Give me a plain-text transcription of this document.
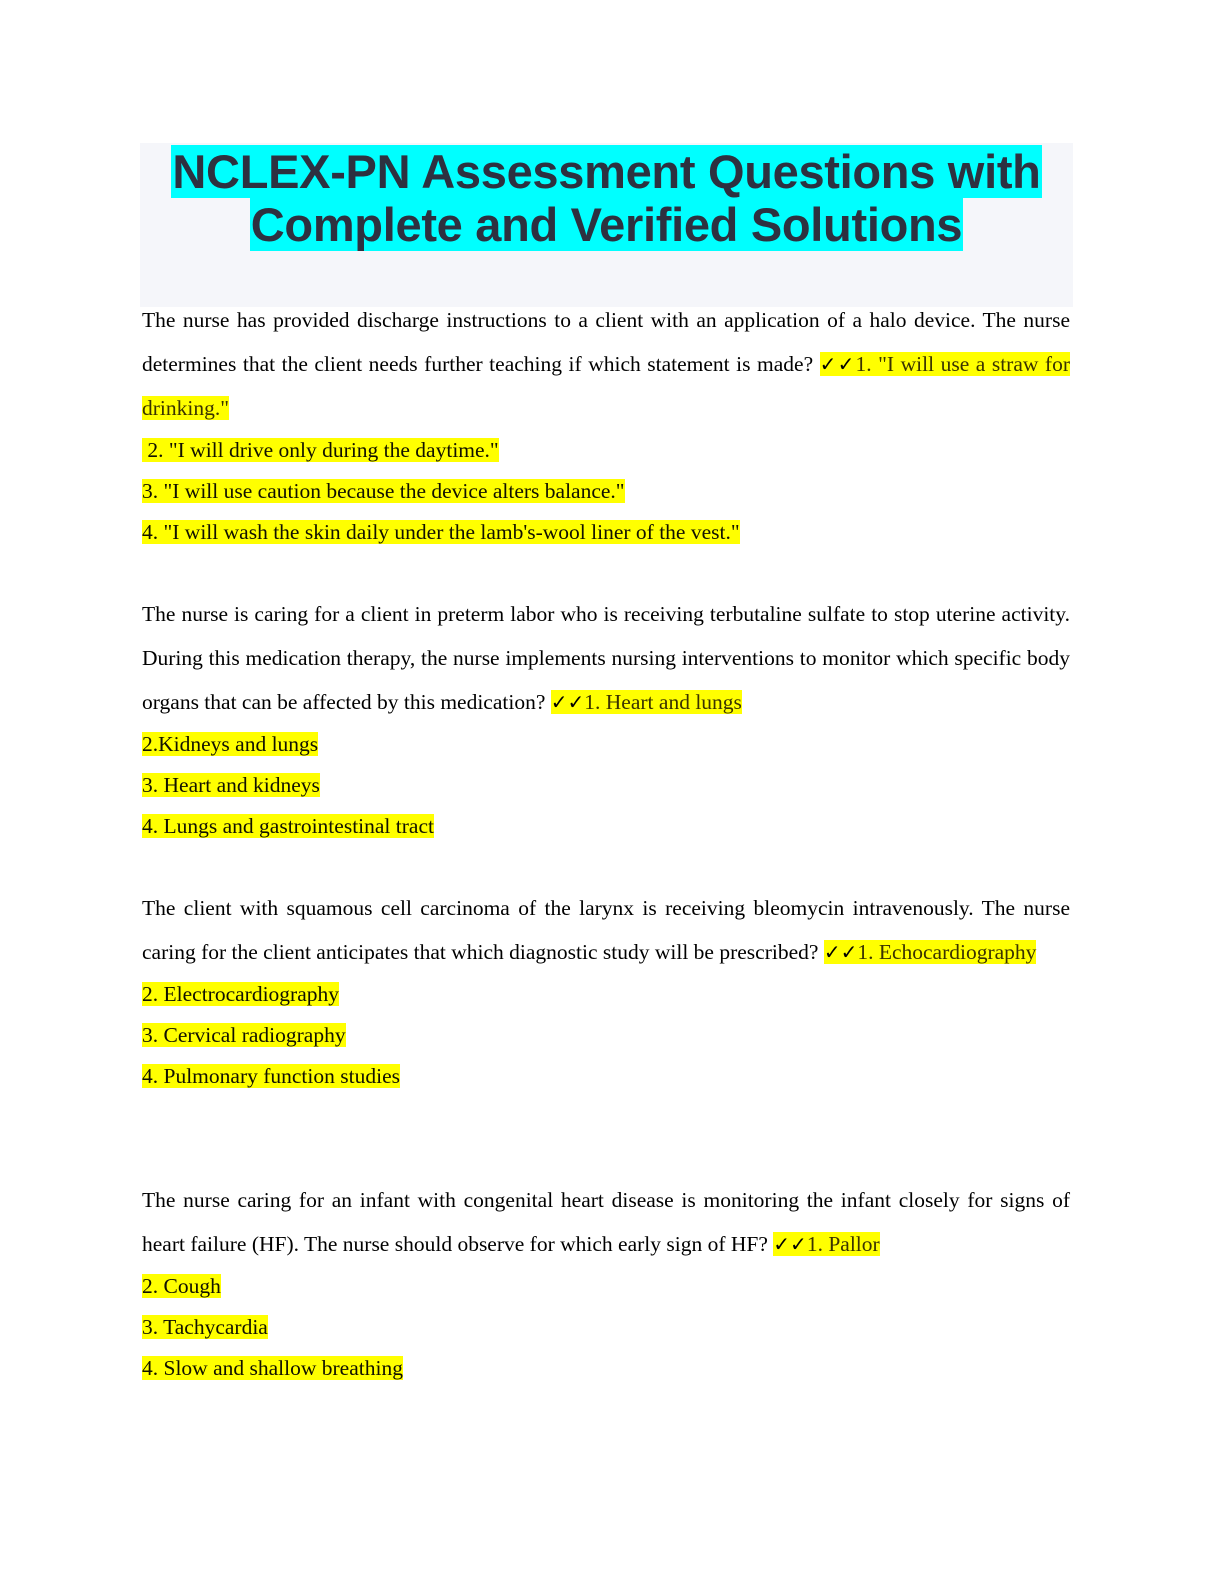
NCLEX-PN Assessment Questions with
Complete and Verified Solutions

The nurse has provided discharge instructions to a client with an application of a halo device. The nurse determines that the client needs further teaching if which statement is made? ✓✓1. "I will use a straw for drinking."

2. "I will drive only during the daytime."

3. "I will use caution because the device alters balance."

4. "I will wash the skin daily under the lamb's-wool liner of the vest."

The nurse is caring for a client in preterm labor who is receiving terbutaline sulfate to stop uterine activity. During this medication therapy, the nurse implements nursing interventions to monitor which specific body organs that can be affected by this medication? ✓✓1. Heart and lungs

2.Kidneys and lungs

3. Heart and kidneys

4. Lungs and gastrointestinal tract

The client with squamous cell carcinoma of the larynx is receiving bleomycin intravenously. The nurse caring for the client anticipates that which diagnostic study will be prescribed? ✓✓1. Echocardiography

2. Electrocardiography

3. Cervical radiography

4. Pulmonary function studies

The nurse caring for an infant with congenital heart disease is monitoring the infant closely for signs of heart failure (HF). The nurse should observe for which early sign of HF? ✓✓1. Pallor

2. Cough

3. Tachycardia

4. Slow and shallow breathing
